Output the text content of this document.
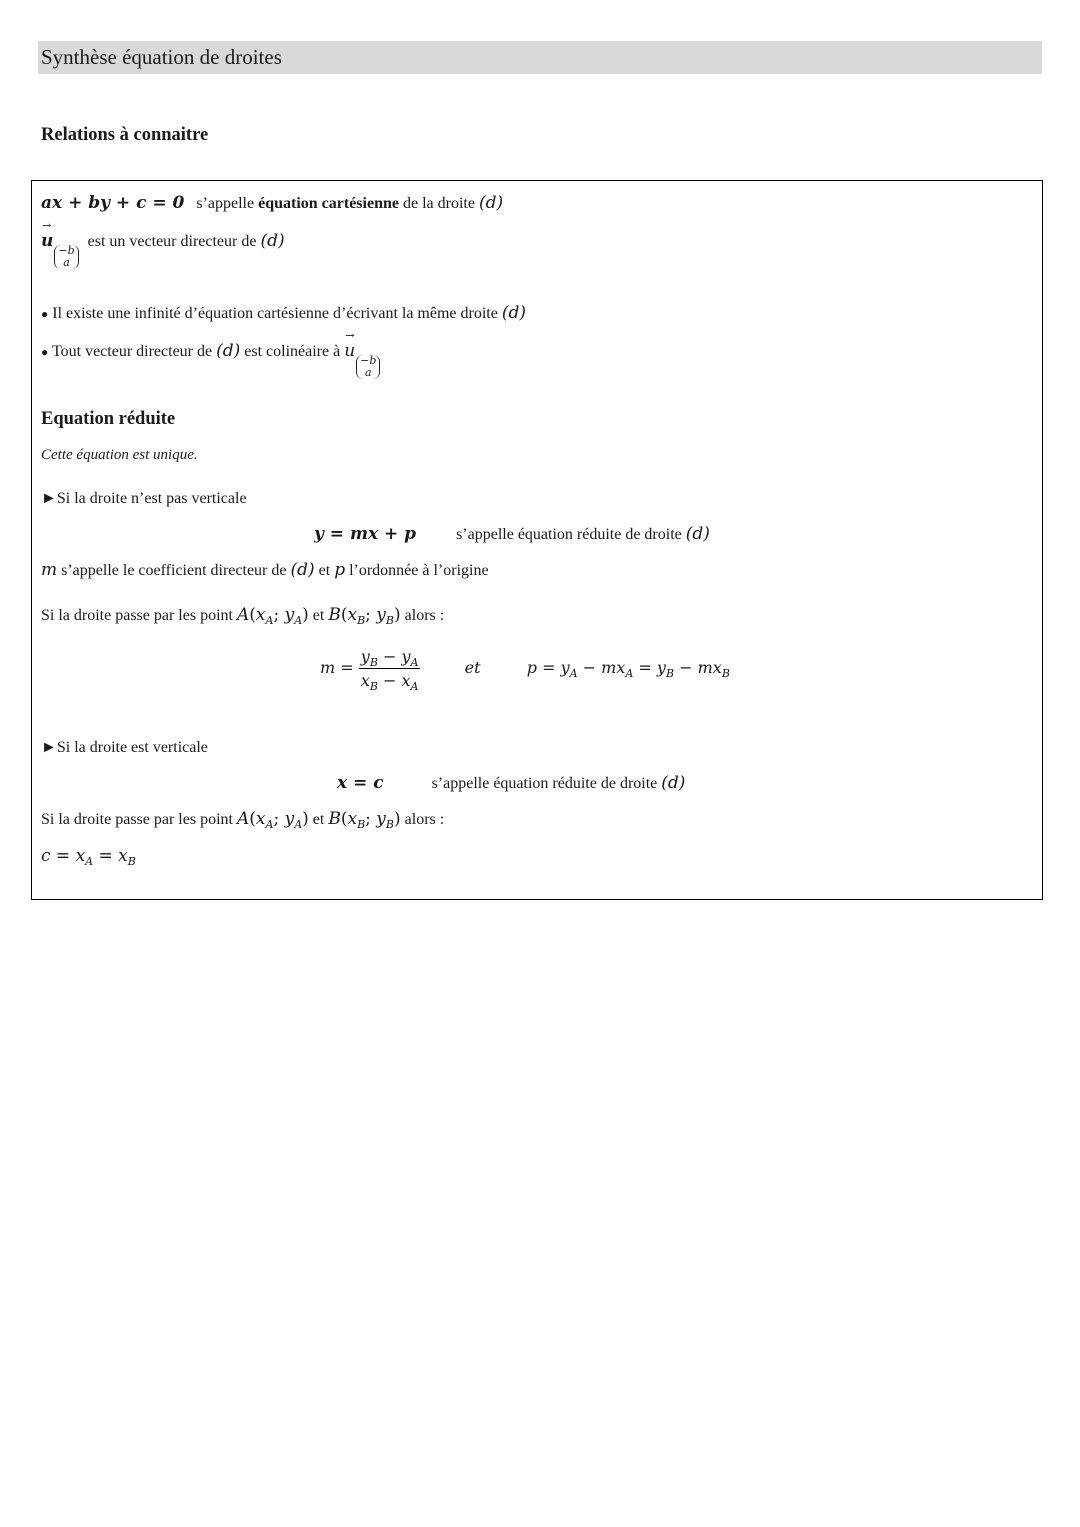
Synthèse équation de droites
Relations à connaitre
ax + by + c = 0 s’appelle équation cartésienne de la droite (d)
→
u −b
a
est un vecteur directeur de (d)
● Il existe une infinité d’équation cartésienne d’écrivant la même droite (d)
● Tout vecteur directeur de (d) est colinéaire à
→
u −b
a
Equation réduite
Cette équation est unique.
►Si la droite n’est pas verticale
y = mx + p	s’appelle équation réduite de droite (d)
m s’appelle le coefficient directeur de (d) et p l’ordonnée à l’origine
Si la droite passe par les point $A(x_A$; $y_A$) et $B(x_B$; $y_B$) alors :
$m = \frac{y_B - y_A}{x_B - x_A}$	et	$p = y_A - mx_A = y_B - mx_B$
►Si la droite est verticale
x = c	s’appelle équation réduite de droite (d)
Si la droite passe par les point $A(x_A$; $y_A$) et $B(x_B$; $y_B$) alors :
$c = x_A = x_B$
